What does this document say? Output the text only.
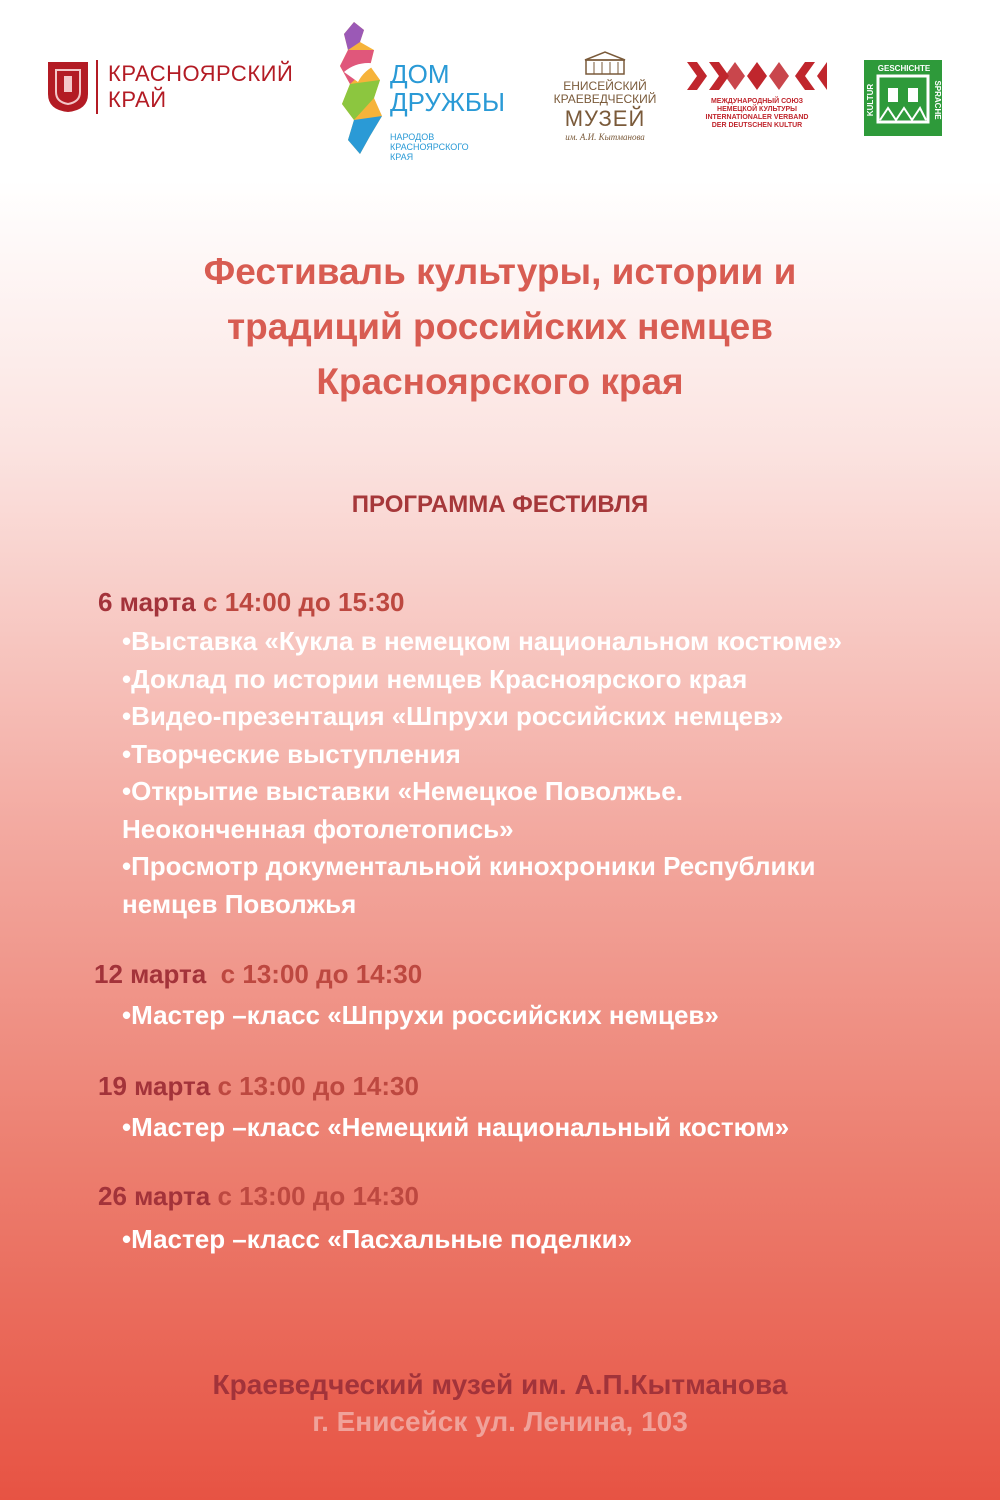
КРАСНОЯРСКИЙ
КРАЙ
ДОМ
ДРУЖБЫ
НАРОДОВ КРАСНОЯРСКОГО КРАЯ
ЕНИСЕЙСКИЙ
КРАЕВЕДЧЕСКИЙ
МУЗЕЙ
им. А.И. Кытманова
МЕЖДУНАРОДНЫЙ СОЮЗ
НЕМЕЦКОЙ КУЛЬТУРЫ
INTERNATIONALER VERBAND
DER DEUTSCHEN KULTUR
GESCHICHTE
KULTUR	SPRACHE
Фестиваль культуры, истории и
традиций российских немцев
Красноярского края
ПРОГРАММА ФЕСТИВЛЯ
6 марта с 14:00 до 15:30
• Выставка «Кукла в немецком национальном костюме»
• Доклад по истории немцев Красноярского края
• Видео-презентация «Шпрухи российских немцев»
• Творческие выступления
• Открытие выставки «Немецкое Поволжье.
Неоконченная фотолетопись»
• Просмотр документальной кинохроники Республики
немцев Поволжья
12 марта  с 13:00 до 14:30
• Мастер –класс «Шпрухи российских немцев»
19 марта с 13:00 до 14:30
• Мастер –класс «Немецкий национальный костюм»
26 марта с 13:00 до 14:30
• Мастер –класс «Пасхальные поделки»
Краеведческий музей им. А.П.Кытманова
г. Енисейск ул. Ленина, 103
